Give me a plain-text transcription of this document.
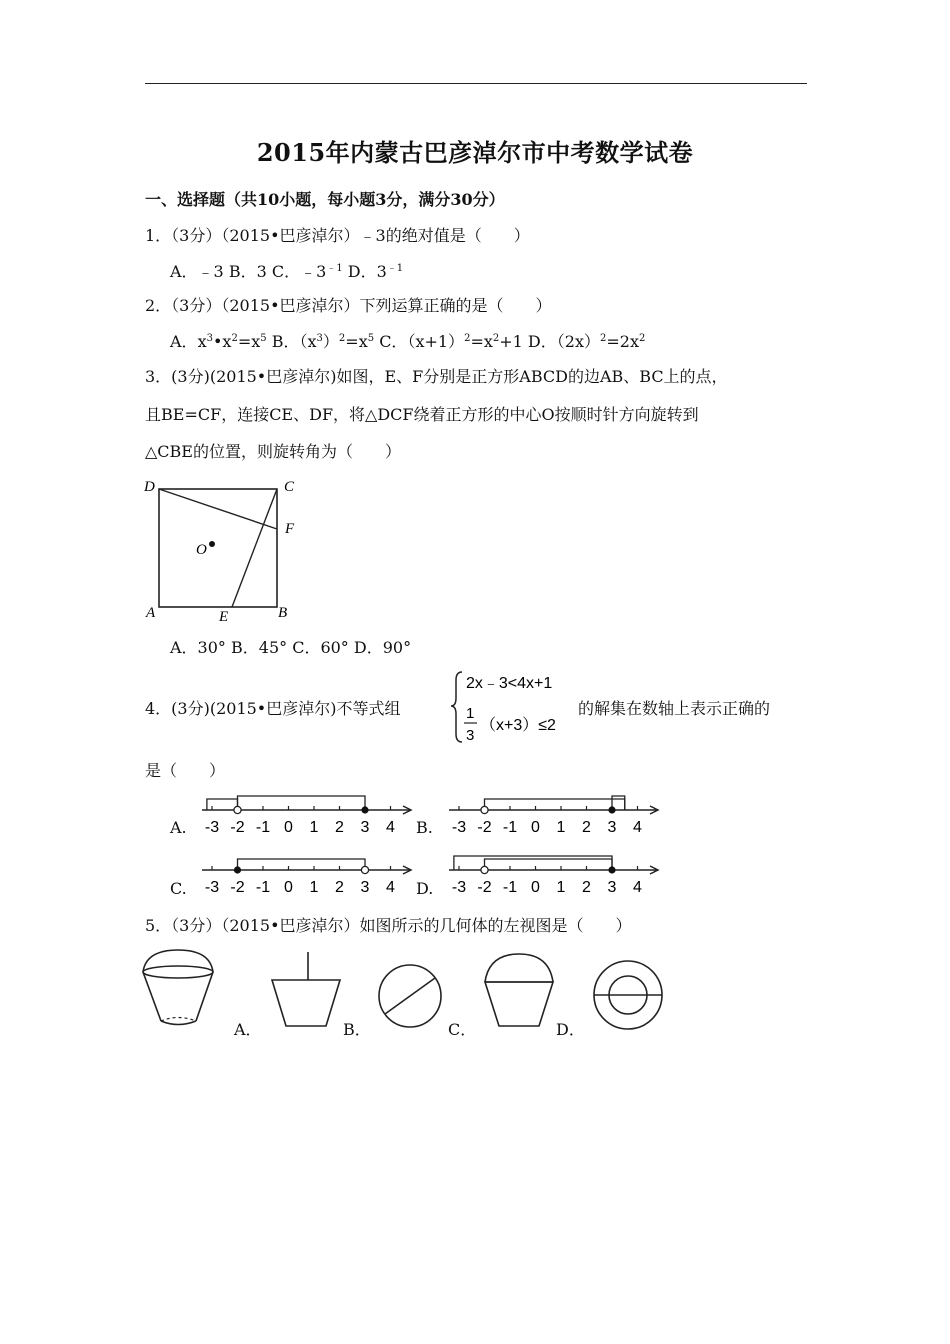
2015年内蒙古巴彦淖尔市中考数学试卷
一、选择题（共10小题，每小题3分，满分30分）
1．（3分）（2015•巴彦淖尔）﹣3的绝对值是（　　）
A．﹣3 B．3 C．$﹣3^{﹣1}$ D．$3^{﹣1}$
2．（3分）（2015•巴彦淖尔）下列运算正确的是（　　）
A．$x^3•x^2=x^5$ B．$(x^3)^2=x^5$ C．$(x+1)^2=x^2+1$ D．$(2x)^2=2x^2$
3．(3分)(2015•巴彦淖尔)如图，E、F分别是正方形ABCD的边AB、BC上的点，
且BE=CF，连接CE、DF，将△DCF绕着正方形的中心O按顺时针方向旋转到
△CBE的位置，则旋转角为（　　）
D	C
F
O
A	E	B
A．30° B．45° C．60° D．90°
4．(3分)(2015•巴彦淖尔)不等式组
2x﹣3<4x+1
1
3
（x+3）≤2
的解集在数轴上表示正确的
是（　　）
A. -3 -2 -1 0 1 2 3 4 B. -3 -2 -1 0 1 2 3 4
C. -3 -2 -1 0 1 2 3 4 D. -3 -2 -1 0 1 2 3 4
5．（3分）（2015•巴彦淖尔）如图所示的几何体的左视图是（　　）
A．	B．	C．	D．
